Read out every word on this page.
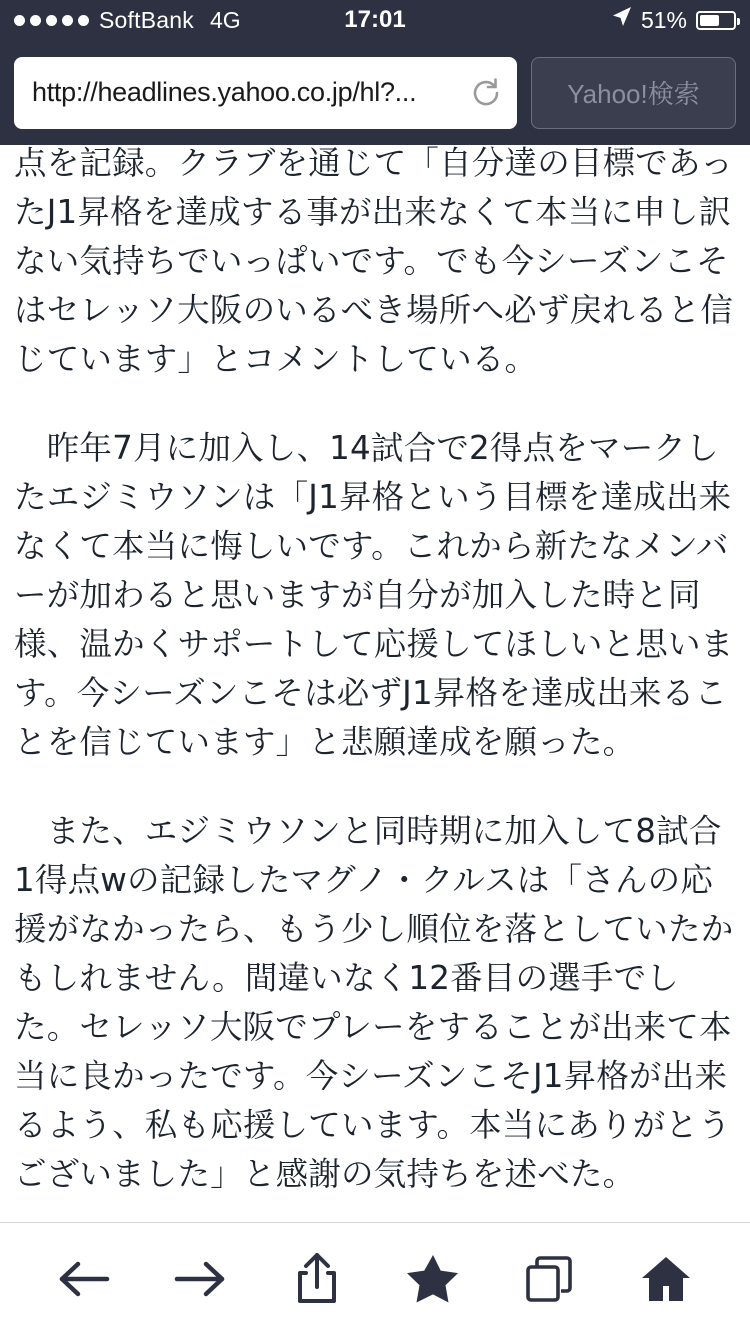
SoftBank 4G	17:01	51%
http://headlines.yahoo.co.jp/hl?...	Yahoo!検索

点を記録。クラブを通じて「自分達の目標であったJ1昇格を達成する事が出来なくて本当に申し訳ない気持ちでいっぱいです。でも今シーズンこそはセレッソ大阪のいるべき場所へ必ず戻れると信じています」とコメントしている。

　昨年7月に加入し、14試合で2得点をマークしたエジミウソンは「J1昇格という目標を達成出来なくて本当に悔しいです。これから新たなメンバーが加わると思いますが自分が加入した時と同様、温かくサポートして応援してほしいと思います。今シーズンこそは必ずJ1昇格を達成出来ることを信じています」と悲願達成を願った。

　また、エジミウソンと同時期に加入して8試合1得点wの記録したマグノ・クルスは「さんの応援がなかったら、もう少し順位を落としていたかもしれません。間違いなく12番目の選手でした。セレッソ大阪でプレーをすることが出来て本当に良かったです。今シーズンこそJ1昇格が出来るよう、私も応援しています。本当にありがとうございました」と感謝の気持ちを述べた。
